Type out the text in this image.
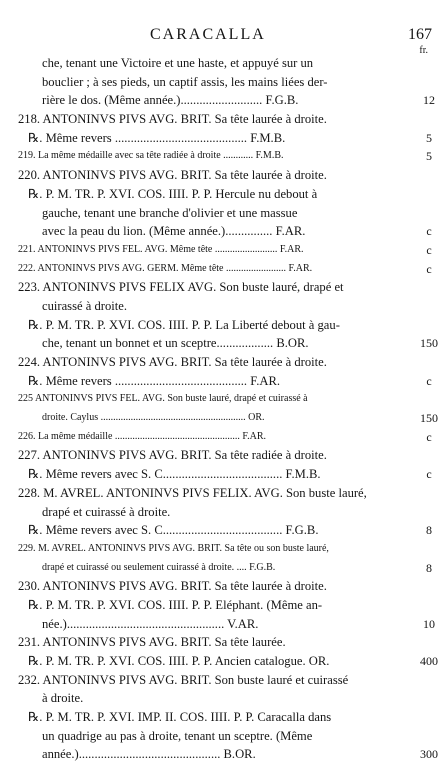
CARACALLA	167
fr.
che, tenant une Victoire et une haste, et appuyé sur un
bouclier ; à ses pieds, un captif assis, les mains liées der-
rière le dos. (Même année.).......................... F.G.B.	12
218. ANTONINVS PIVS AVG. BRIT. Sa tête laurée à droite.
℞. Même revers .......................................... F.M.B.	5
219. La même médaille avec sa tête radiée à droite ............ F.M.B.	5
220. ANTONINVS PIVS AVG. BRIT. Sa tête laurée à droite.
℞. P. M. TR. P. XVI. COS. IIII. P. P. Hercule nu debout à
gauche, tenant une branche d'olivier et une massue
avec la peau du lion. (Même année.)............... F.AR.	c
221. ANTONINVS PIVS FEL. AVG. Même tête ......................... F.AR.	c
222. ANTONINVS PIVS AVG. GERM. Même tête ........................ F.AR.	c
223. ANTONINVS PIVS FELIX AVG. Son buste lauré, drapé et
cuirassé à droite.
℞. P. M. TR. P. XVI. COS. IIII. P. P. La Liberté debout à gau-
che, tenant un bonnet et un sceptre.................. B.OR.	150
224. ANTONINVS PIVS AVG. BRIT. Sa tête laurée à droite.
℞. Même revers .......................................... F.AR.	c
225 ANTONINVS PIVS FEL. AVG. Son buste lauré, drapé et cuirassé à
droite. Caylus .......................................................... OR.	150
226. La même médaille .................................................. F.AR.	c
227. ANTONINVS PIVS AVG. BRIT. Sa tête radiée à droite.
℞. Même revers avec S. C...................................... F.M.B.	c
228. M. AVREL. ANTONINVS PIVS FELIX. AVG. Son buste lauré,
drapé et cuirassé à droite.
℞. Même revers avec S. C...................................... F.G.B.	8
229. M. AVREL. ANTONINVS PIVS AVG. BRIT. Sa tête ou son buste lauré,
drapé et cuirassé ou seulement cuirassé à droite. .... F.G.B.	8
230. ANTONINVS PIVS AVG. BRIT. Sa tête laurée à droite.
℞. P. M. TR. P. XVI. COS. IIII. P. P. Eléphant. (Même an-
née.).................................................. V.AR.	10
231. ANTONINVS PIVS AVG. BRIT. Sa tête laurée.
℞. P. M. TR. P. XVI. COS. IIII. P. P. Ancien catalogue. OR.	400
232. ANTONINVS PIVS AVG. BRIT. Son buste lauré et cuirassé
à droite.
℞. P. M. TR. P. XVI. IMP. II. COS. IIII. P. P. Caracalla dans
un quadrige au pas à droite, tenant un sceptre. (Même
année.)............................................. B.OR.	300
